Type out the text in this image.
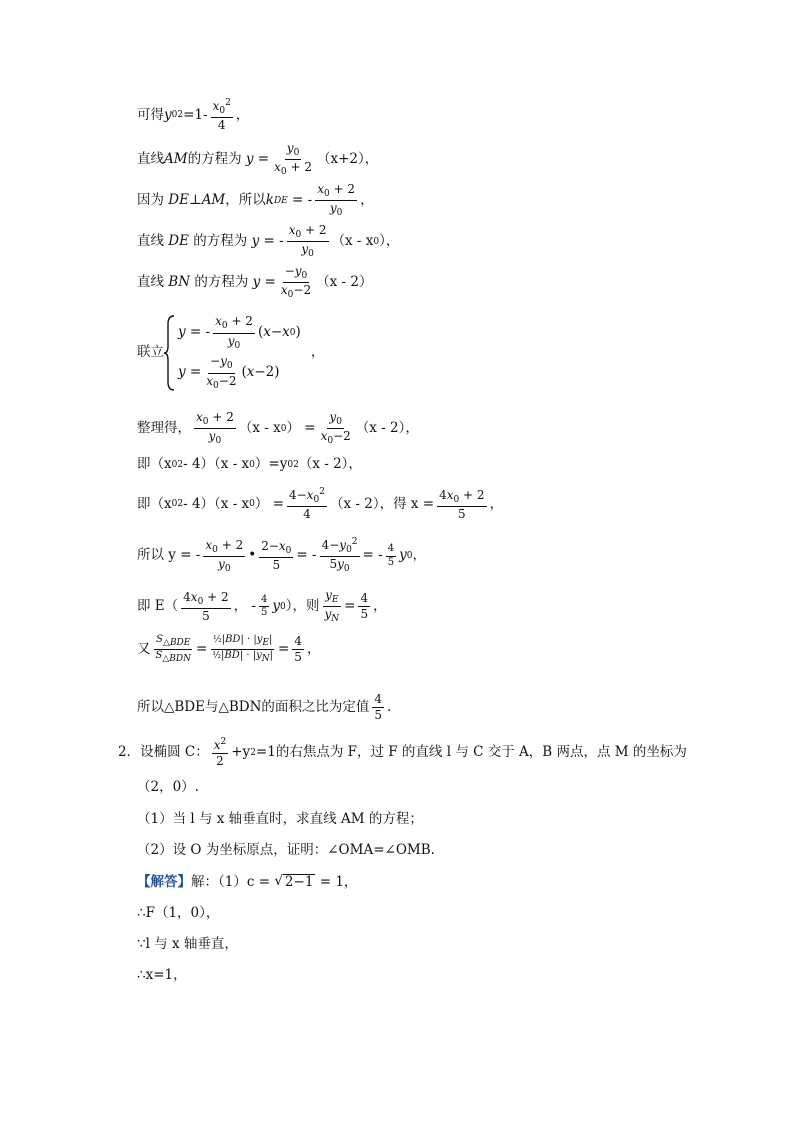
可得 y 0 $2 =1- \frac{x_0^2}{4}$ ，
直线 AM 的方程为
$y = \frac{y_0}{x_0 + 2} (x+2)$，
因为
DE ⊥ AM ，所以 k DE = - $\frac{x_0 + 2}{y_0}$ ，
直线
DE
的方程为
y = - $\frac{x_0 + 2}{y_0} (x$ - x 0 ），
直线
BN
的方程为
$y = \frac{-y_0}{x_0-2} (x - 2)$
联立
y = - $\frac{x_0 + 2}{y_0}$ ( x − x 0 )
$y = \frac{-y_0}{x_0-2}$ ( x −2)
，
整理得， $\frac{x_0 + 2}{y_0} (x$ - x 0 ） = $\frac{y_0}{x_0-2} (x - 2)$，
即（x 0 2 - 4）（x - x 0 ）=y 0 2 （x - 2），
即（x 0 2 - 4）（x - x 0 ） = $\frac{4-x_0^2}{4} (x - 2)$，得 $x = \frac{4x_0 + 2}{5}$ ，
所以 y = - $\frac{x_0 + 2}{y_0}$ • $\frac{2-x_0}{5}$ = - $\frac{4-y_0^2}{5y_0}$ = - $\frac{4}{5}$ y 0 ，
即 $E( \frac{4x_0 + 2}{5}$ ， - $\frac{4}{5}$ y 0 ），则 $\frac{y_E}{y_N} = \frac{4}{5}$ ，
又 $\frac{S_{\triangle BDE}}{S_{\triangle BDN}} = \frac{\frac{1}{2}|BD| \cdot |y_E|}{\frac{1}{2}|BD| \cdot |y_N|} = \frac{4}{5}$ ，
所以△BDE与△BDN的面积之比为定值 $\frac{4}{5}$ .
2．设椭圆 C： $\frac{x^2}{2} +y$ 2 =1的右焦点为 F，过 F 的直线 l 与 C 交于 A，B 两点，点 M 的坐标为
（2，0）.
（1）当 l 与 x 轴垂直时，求直线 AM 的方程；
（2）设 O 为坐标原点，证明：∠OMA=∠OMB.
【解答】 解：（1）c =
√ 2−1
= 1，
∴F（1，0），
∵l 与 x 轴垂直，
∴x=1，
